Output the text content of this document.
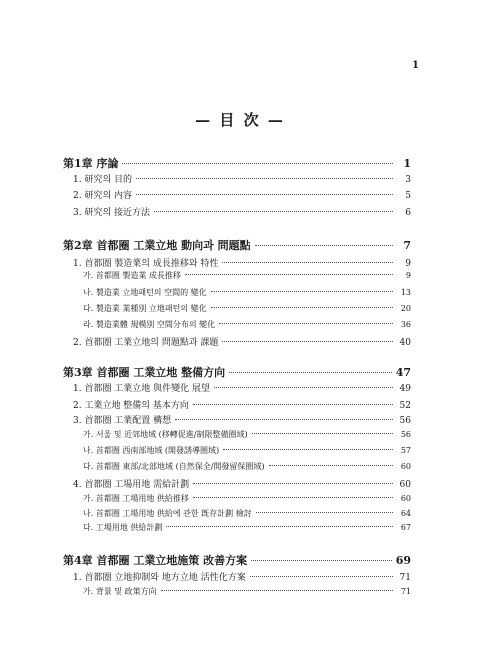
1
— 目 次 —
第1章 序論	1
1. 研究의 目的	3
2. 研究의 内容	5
3. 研究의 接近方法	6
第2章 首都圈 工業立地 動向과 問題點	7
1. 首都圈 製造業의 成長推移와 特性	9
가. 首都圈 製造業 成長推移	9
나. 製造業 立地패턴의 空間的 變化	13
다. 製造業 業種別 立地패턴의 變化	20
라. 製造業體 規模別 空間分布의 變化	36
2. 首都圈 工業立地의 問題點과 課題	40
第3章 首都圈 工業立地 整備方向	47
1. 首都圈 工業立地 與件變化 展望	49
2. 工業立地 整備의 基本方向	52
3. 首都圈 工業配置 構想	56
가. 서울 및 近郊地域 (移轉促進/制限整備圈域)	56
나. 首都圈 西南部地域 (開發誘導圈域)	57
다. 首都圈 東部/北部地域 (自然保全/開發留保圈域)	60
4. 首都圈 工場用地 需給計劃	60
가. 首都圈 工場用地 供給推移	60
나. 首都圈 工場用地 供給에 관한 旣存計劃 檢討	64
다. 工場用地 供給計劃	67
第4章 首都圈 工業立地施策 改善方案	69
1. 首都圈 立地抑制와 地方立地 活性化方案	71
가. 背景 및 政策方向	71
